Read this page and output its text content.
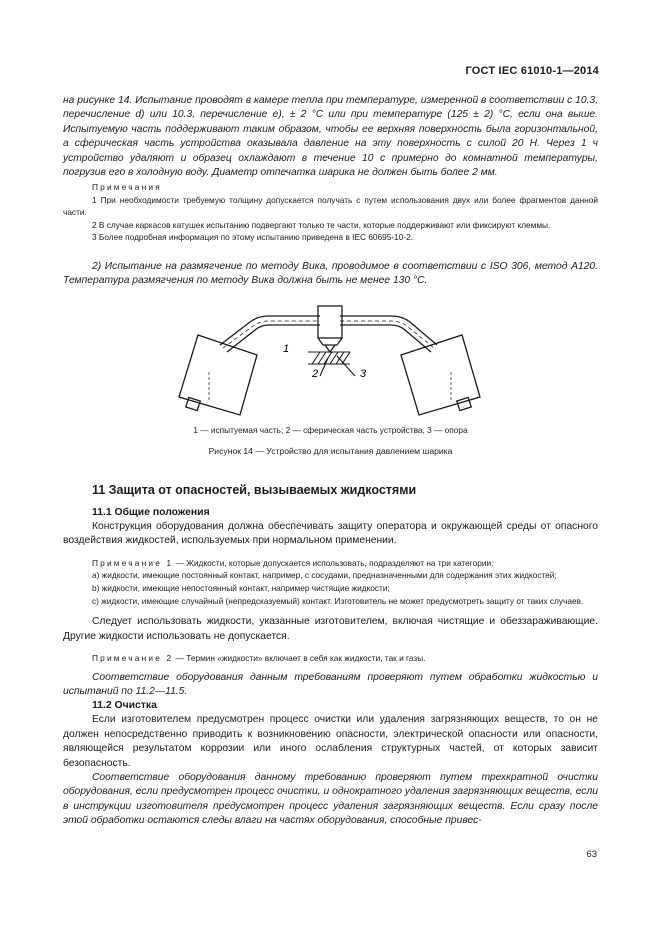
ГОСТ IEC 61010-1—2014

на рисунке 14. Испытание проводят в камере тепла при температуре, измеренной в соответствии с 10.3, перечисление d) или 10.3, перечисление е), ± 2 °С или при температуре (125 ± 2) °С, если она выше. Испытуемую часть поддерживают таким образом, чтобы ее верхняя поверхность была горизонтальной, а сферическая часть устройства оказывала давление на эту поверхность с силой 20 Н. Через 1 ч устройство удаляют и образец охлаждают в течение 10 с примерно до комнатной температуры, погрузив его в холодную воду. Диаметр отпечатка шарика не должен быть более 2 мм.

Примечания

1 При необходимости требуемую толщину допускается получать с путем использования двух или более фрагментов данной части.

2 В случае каркасов катушек испытанию подвергают только те части, которые поддерживают или фиксируют клеммы.

3 Более подробная информация по этому испытанию приведена в IEC 60695-10-2.

2) Испытание на размягчение по методу Вика, проводимое в соответствии с ISO 306, метод А120. Температура размягчения по методу Вика должна быть не менее 130 °С.

1
2	3
1 — испытуемая часть; 2 — сферическая часть устройства, 3 — опора
Рисунок 14 — Устройство для испытания давлением шарика

11 Защита от опасностей, вызываемых жидкостями

11.1 Общие положения

Конструкция оборудования должна обеспечивать защиту оператора и окружающей среды от опасного воздействия жидкостей, используемых при нормальном применении.

Примечание 1 — Жидкости, которые допускается использовать, подразделяют на три категории:

а) жидкости, имеющие постоянный контакт, например, с сосудами, предназначенными для содержания этих жидкостей;

b) жидкости, имеющие непостоянный контакт, например чистящие жидкости;

с) жидкости, имеющие случайный (непредсказуемый) контакт. Изготовитель не может предусмотреть защиту от таких случаев.

Следует использовать жидкости, указанные изготовителем, включая чистящие и обеззараживающие. Другие жидкости использовать не допускается.

Примечание 2 — Термин «жидкости» включает в себя как жидкости, так и газы.

Соответствие оборудования данным требованиям проверяют путем обработки жидкостью и испытаний по 11.2—11.5.

11.2 Очистка

Если изготовителем предусмотрен процесс очистки или удаления загрязняющих веществ, то он не должен непосредственно приводить к возникновению опасности, электрической опасности или опасности, являющейся результатом коррозии или иного ослабления структурных частей, от которых зависит безопасность.

Соответствие оборудования данному требованию проверяют путем трехкратной очистки оборудования, если предусмотрен процесс очистки, и однократного удаления загрязняющих веществ, если в инструкции изготовителя предусмотрен процесс удаления загрязняющих веществ. Если сразу после этой обработки остаются следы влаги на частях оборудования, способные привес-

63
